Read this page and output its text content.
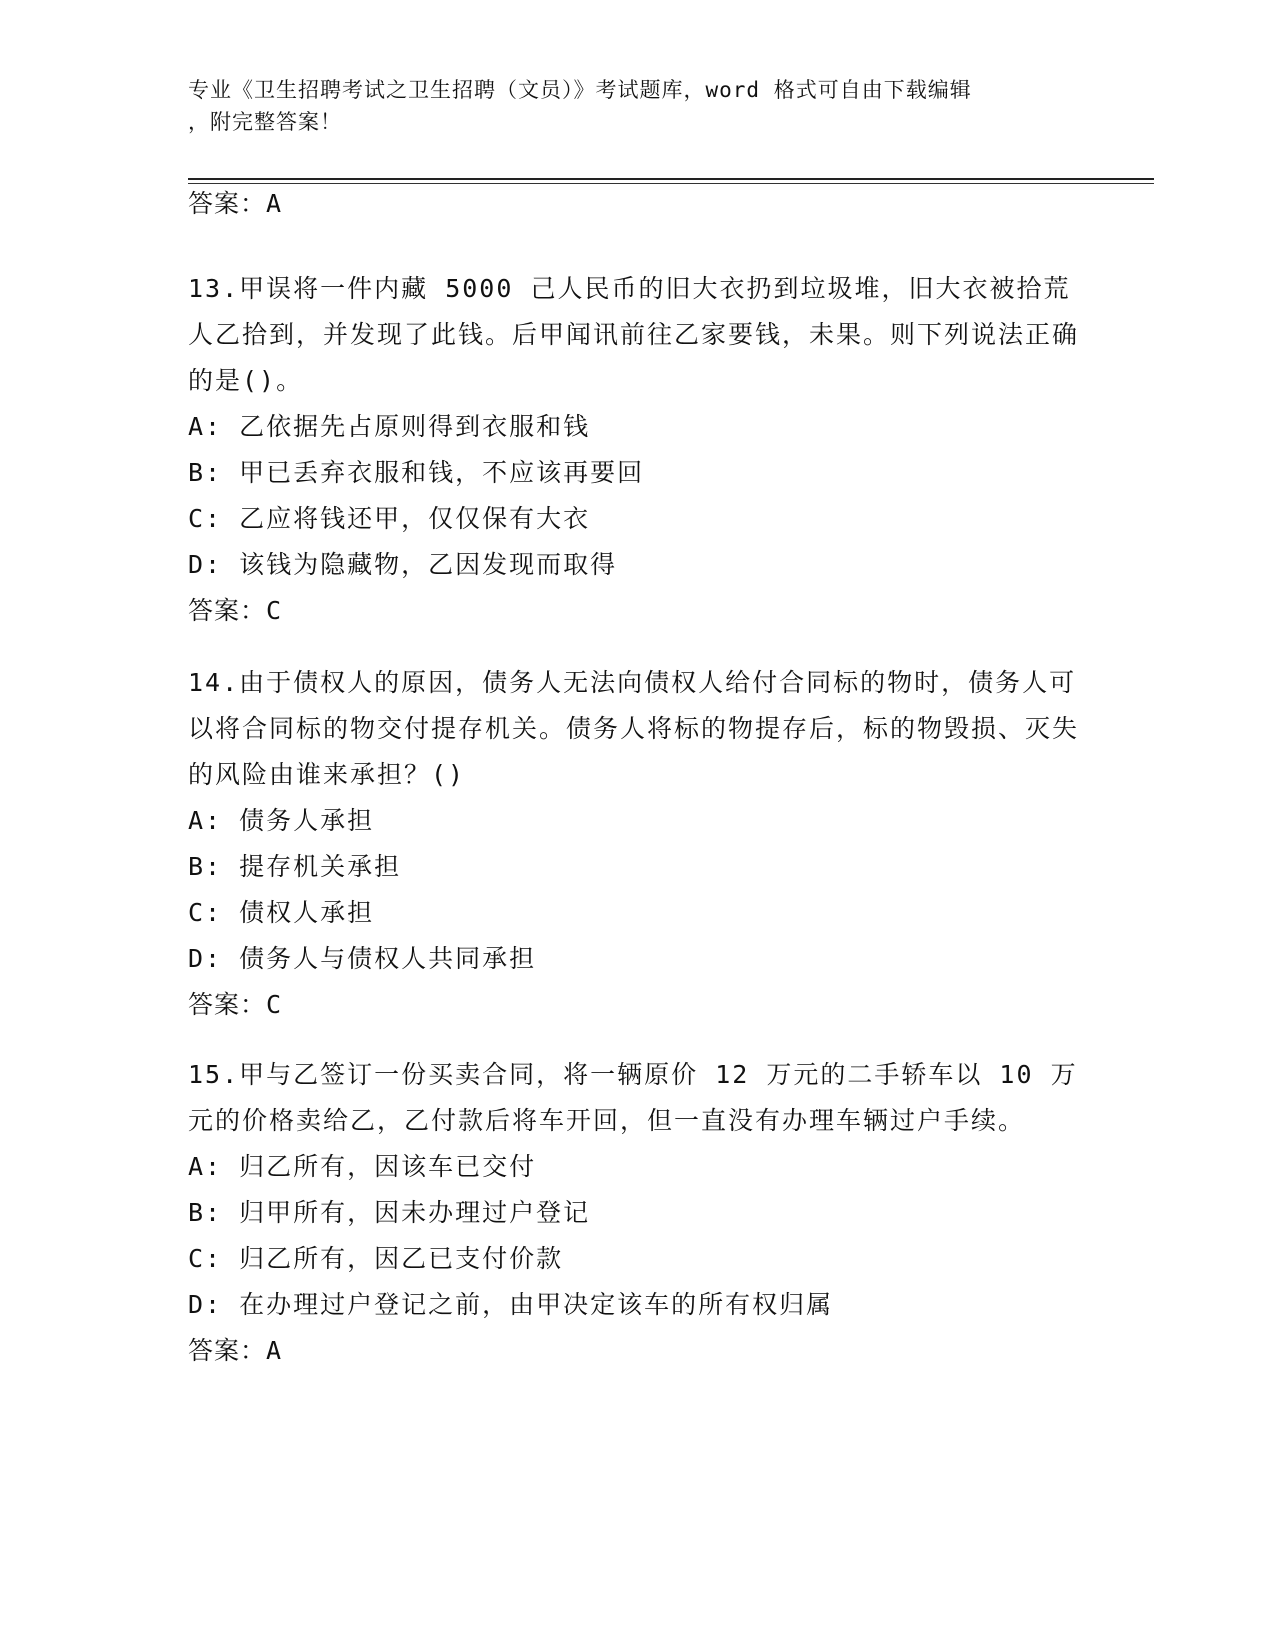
专业《卫生招聘考试之卫生招聘（文员）》考试题库，word 格式可自由下载编辑
，附完整答案！
答案：A

13.甲误将一件内藏 5000 己人民币的旧大衣扔到垃圾堆，旧大衣被拾荒人乙拾到，并发现了此钱。后甲闻讯前往乙家要钱，未果。则下列说法正确的是()。

A: 乙依据先占原则得到衣服和钱

B: 甲已丢弃衣服和钱，不应该再要回

C: 乙应将钱还甲，仅仅保有大衣

D: 该钱为隐藏物，乙因发现而取得

答案：C

14.由于债权人的原因，债务人无法向债权人给付合同标的物时，债务人可以将合同标的物交付提存机关。债务人将标的物提存后，标的物毁损、灭失的风险由谁来承担？()

A: 债务人承担

B: 提存机关承担

C: 债权人承担

D: 债务人与债权人共同承担

答案：C

15.甲与乙签订一份买卖合同，将一辆原价 12 万元的二手轿车以 10 万元的价格卖给乙，乙付款后将车开回，但一直没有办理车辆过户手续。

A: 归乙所有，因该车已交付

B: 归甲所有，因未办理过户登记

C: 归乙所有，因乙已支付价款

D: 在办理过户登记之前，由甲决定该车的所有权归属

答案：A
